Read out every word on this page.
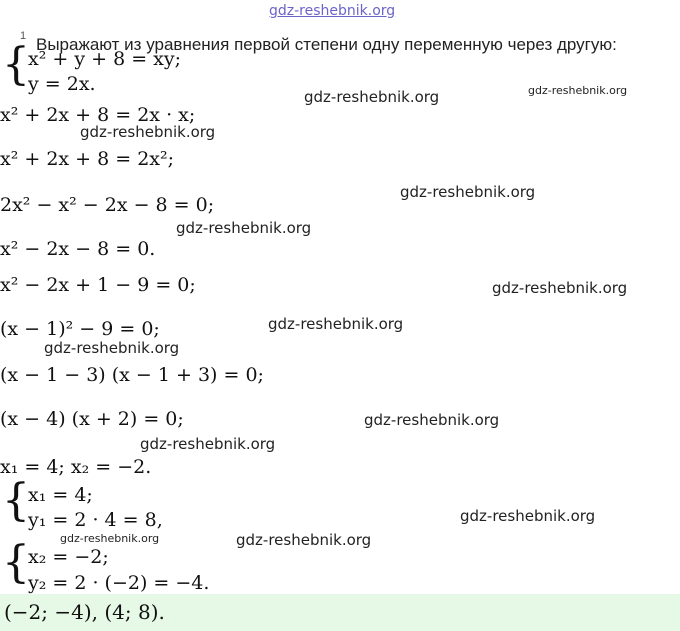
gdz-reshebnik.org
1 Выражают из уравнения первой степени одну переменную через другую:
{
x² + y + 8 = xy;
y = 2x.
x² + 2x + 8 = 2x · x;
x² + 2x + 8 = 2x²;
2x² − x² − 2x − 8 = 0;
x² − 2x − 8 = 0.
x² − 2x + 1 − 9 = 0;
(x − 1)² − 9 = 0;
(x − 1 − 3) (x − 1 + 3) = 0;
(x − 4) (x + 2) = 0;
x₁ = 4; x₂ = −2.
{
x₁ = 4;
y₁ = 2 · 4 = 8,
{
x₂ = −2;
y₂ = 2 · (−2) = −4.
(−2; −4), (4; 8).
gdz-reshebnik.org	gdz-reshebnik.org
gdz-reshebnik.org
gdz-reshebnik.org
gdz-reshebnik.org
gdz-reshebnik.org
gdz-reshebnik.org
gdz-reshebnik.org
gdz-reshebnik.org
gdz-reshebnik.org
gdz-reshebnik.org
gdz-reshebnik.org	gdz-reshebnik.org
